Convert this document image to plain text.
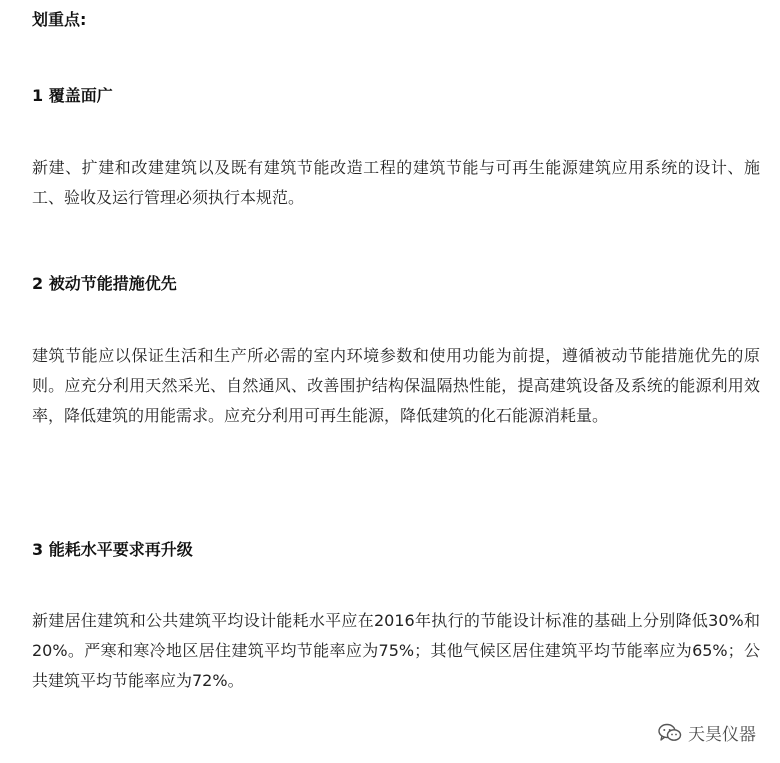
划重点:
1 覆盖面广
新建、扩建和改建建筑以及既有建筑节能改造工程的建筑节能与可再生能源建筑应用系统的设计、施工、验收及运行管理必须执行本规范。
2 被动节能措施优先
建筑节能应以保证生活和生产所必需的室内环境参数和使用功能为前提，遵循被动节能措施优先的原则。应充分利用天然采光、自然通风、改善围护结构保温隔热性能，提高建筑设备及系统的能源利用效率，降低建筑的用能需求。应充分利用可再生能源，降低建筑的化石能源消耗量。
3 能耗水平要求再升级
新建居住建筑和公共建筑平均设计能耗水平应在2016年执行的节能设计标准的基础上分别降低30%和20%。严寒和寒冷地区居住建筑平均节能率应为75%；其他气候区居住建筑平均节能率应为65%；公共建筑平均节能率应为72%。
天昊仪器
